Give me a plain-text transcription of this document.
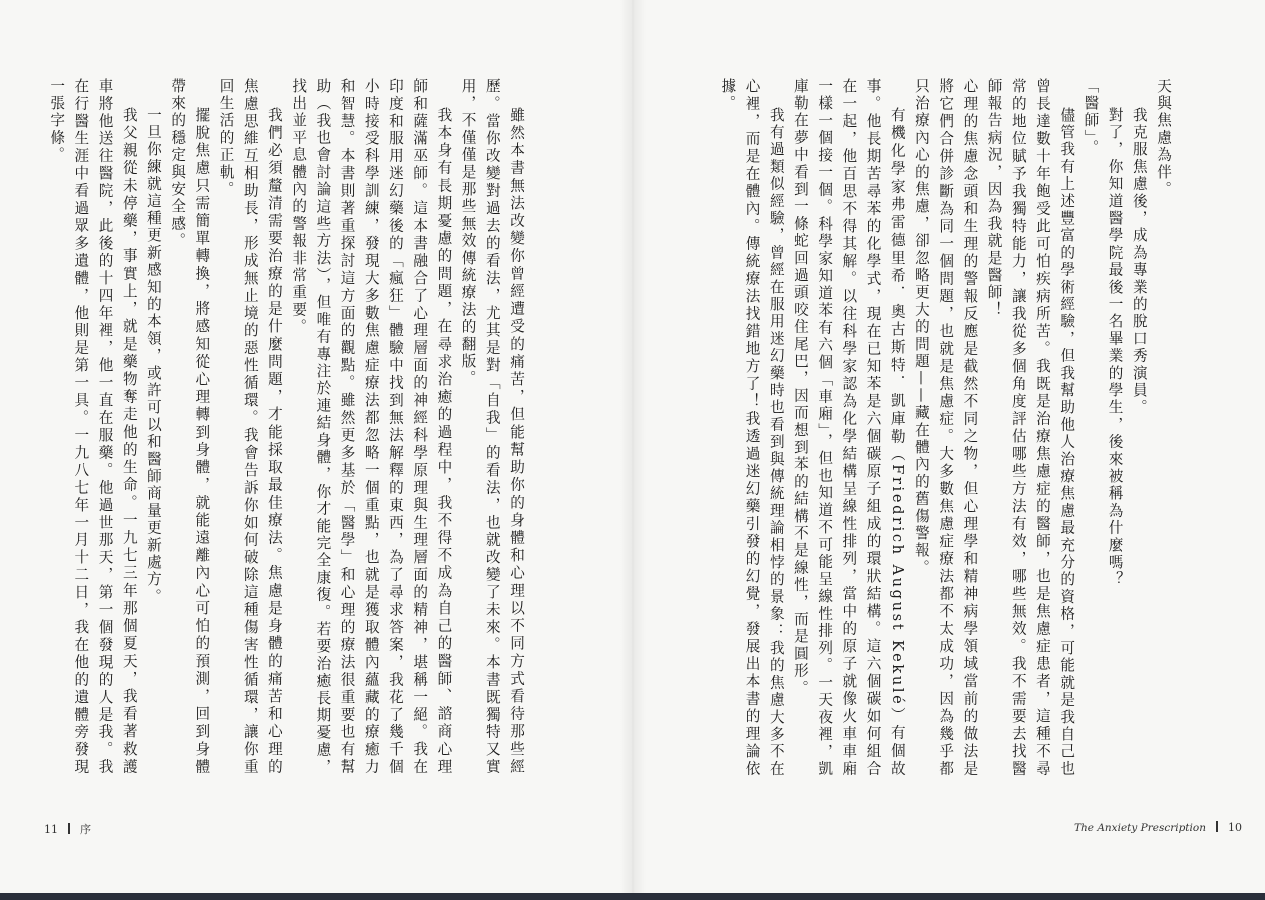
天與焦慮為伴。

我克服焦慮後，成為專業的脫口秀演員。

對了，你知道醫學院最後一名畢業的學生，後來被稱為什麼嗎？

「醫師」。

儘管我有上述豐富的學術經驗，但我幫助他人治療焦慮最充分的資格，可能就是我自己也曾長達數十年飽受此可怕疾病所苦。我既是治療焦慮症的醫師，也是焦慮症患者，這種不尋常的地位賦予我獨特能力，讓我從多個角度評估哪些方法有效，哪些無效。我不需要去找醫師報告病況，因為我就是醫師！

心理的焦慮念頭和生理的警報反應是截然不同之物，但心理學和精神病學領域當前的做法是將它們合併診斷為同一個問題，也就是焦慮症。大多數焦慮症療法都不太成功，因為幾乎都只治療內心的焦慮，卻忽略更大的問題——藏在體內的舊傷警報。

有機化學家弗雷德里希．奧古斯特．凱庫勒（Friedrich August Kekulé）有個故事。他長期苦尋苯的化學式，現在已知苯是六個碳原子組成的環狀結構。這六個碳如何組合在一起，他百思不得其解。以往科學家認為化學結構呈線性排列，當中的原子就像火車車廂一樣一個接一個。科學家知道苯有六個「車廂」，但也知道不可能呈線性排列。一天夜裡，凱庫勒在夢中看到一條蛇回過頭咬住尾巴，因而想到苯的結構不是線性，而是圓形。

我有過類似經驗，曾經在服用迷幻藥時也看到與傳統理論相悖的景象：我的焦慮大多不在心裡，而是在體內。傳統療法找錯地方了！我透過迷幻藥引發的幻覺，發展出本書的理論依據。

The Anxiety Prescription 10

雖然本書無法改變你曾經遭受的痛苦，但能幫助你的身體和心理以不同方式看待那些經歷。當你改變對過去的看法，尤其是對「自我」的看法，也就改變了未來。本書既獨特又實用，不僅僅是那些無效傳統療法的翻版。

我本身有長期憂慮的問題，在尋求治癒的過程中，我不得不成為自己的醫師、諮商心理師和薩滿巫師。這本書融合了心理層面的神經科學原理與生理層面的精神，堪稱一絕。我在印度和服用迷幻藥後的「瘋狂」體驗中找到無法解釋的東西，為了尋求答案，我花了幾千個小時接受科學訓練，發現大多數焦慮症療法都忽略一個重點，也就是獲取體內蘊藏的療癒力和智慧。本書則著重探討這方面的觀點。雖然更多基於「醫學」和心理的療法很重要也有幫助（我也會討論這些方法），但唯有專注於連結身體，你才能完全康復。若要治癒長期憂慮，找出並平息體內的警報非常重要。

我們必須釐清需要治療的是什麼問題，才能採取最佳療法。焦慮是身體的痛苦和心理的焦慮思維互相助長，形成無止境的惡性循環。我會告訴你如何破除這種傷害性循環，讓你重回生活的正軌。

擺脫焦慮只需簡單轉換，將感知從心理轉到身體，就能遠離內心可怕的預測，回到身體帶來的穩定與安全感。

一旦你練就這種更新感知的本領，或許可以和醫師商量更新處方。

我父親從未停藥，事實上，就是藥物奪走他的生命。一九七三年那個夏天，我看著救護車將他送往醫院，此後的十四年裡，他一直在服藥。他過世那天，第一個發現的人是我。我在行醫生涯中看過眾多遺體，他則是第一具。一九八七年一月十二日，我在他的遺體旁發現一張字條。

11 序
